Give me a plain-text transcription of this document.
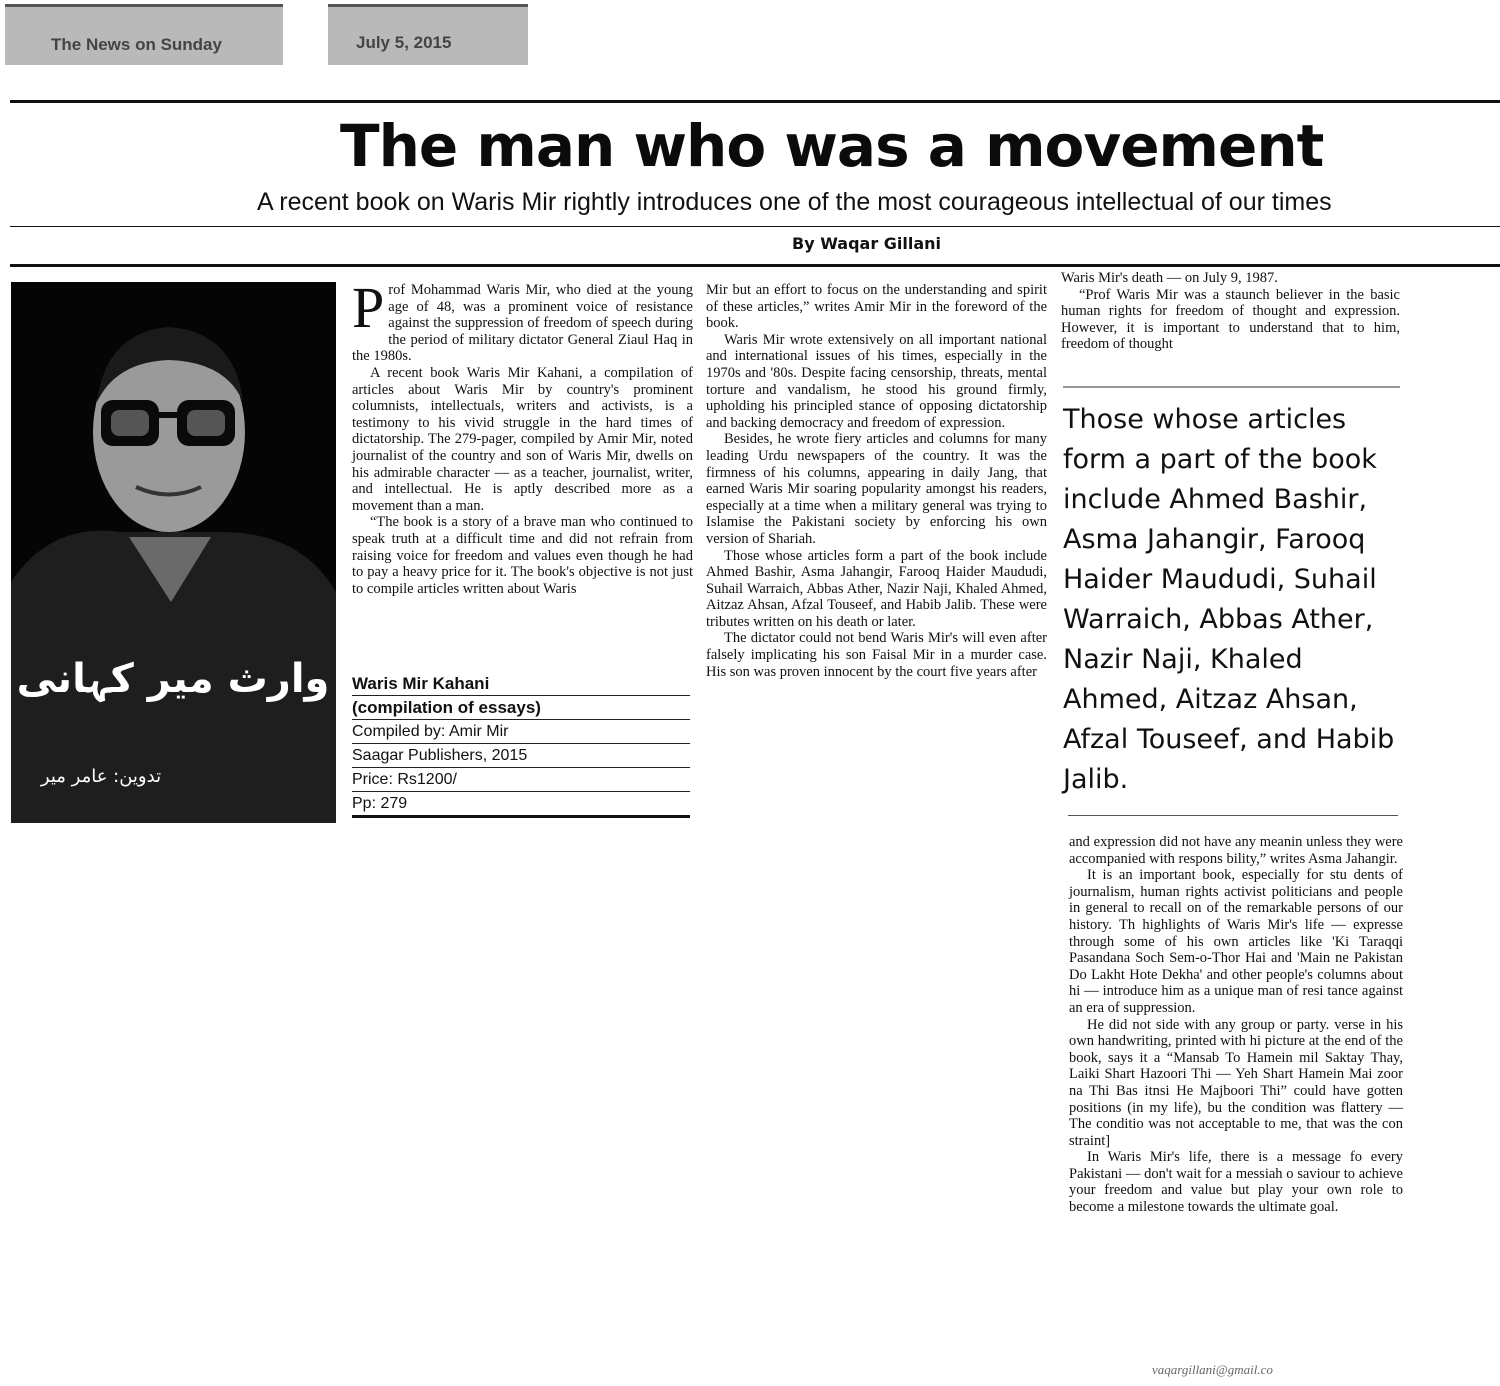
The News on Sunday	July 5, 2015
The man who was a movement
A recent book on Waris Mir rightly introduces one of the most courageous intellectual of our times
By Waqar Gillani
وارث میر کہانی
تدوین: عامر میر
P rof Mohammad Waris Mir, who died at the young age of 48, was a prominent voice of resistance against the suppression of freedom of speech during the period of military dictator General Ziaul Haq in the 1980s.

A recent book Waris Mir Kahani, a compilation of articles about Waris Mir by country's prominent columnists, intellectuals, writers and activists, is a testimony to his vivid struggle in the hard times of dictatorship. The 279-pager, compiled by Amir Mir, noted journalist of the country and son of Waris Mir, dwells on his admirable character — as a teacher, journalist, writer, and intellectual. He is aptly described more as a movement than a man.

“The book is a story of a brave man who continued to speak truth at a difficult time and did not refrain from raising voice for freedom and values even though he had to pay a heavy price for it. The book's objective is not just to compile articles written about Waris

Waris Mir Kahani
(compilation of essays)
Compiled by: Amir Mir
Saagar Publishers, 2015
Price: Rs1200/
Pp: 279

Mir but an effort to focus on the understanding and spirit of these articles,” writes Amir Mir in the foreword of the book.

Waris Mir wrote extensively on all important national and international issues of his times, especially in the 1970s and '80s. Despite facing censorship, threats, mental torture and vandalism, he stood his ground firmly, upholding his principled stance of opposing dictatorship and backing democracy and freedom of expression.

Besides, he wrote fiery articles and columns for many leading Urdu newspapers of the country. It was the firmness of his columns, appearing in daily Jang, that earned Waris Mir soaring popularity amongst his readers, especially at a time when a military general was trying to Islamise the Pakistani society by enforcing his own version of Shariah.

Those whose articles form a part of the book include Ahmed Bashir, Asma Jahangir, Farooq Haider Maududi, Suhail Warraich, Abbas Ather, Nazir Naji, Khaled Ahmed, Aitzaz Ahsan, Afzal Touseef, and Habib Jalib. These were tributes written on his death or later.

The dictator could not bend Waris Mir's will even after falsely implicating his son Faisal Mir in a murder case. His son was proven innocent by the court five years after

Waris Mir's death — on July 9, 1987.

“Prof Waris Mir was a staunch believer in the basic human rights for freedom of thought and expression. However, it is important to understand that to him, freedom of thought

Those whose articles form a part of the book include Ahmed Bashir, Asma Jahangir, Farooq Haider Maududi, Suhail Warraich, Abbas Ather, Nazir Naji, Khaled Ahmed, Aitzaz Ahsan, Afzal Touseef, and Habib Jalib.

and expression did not have any meanin unless they were accompanied with respons bility,” writes Asma Jahangir.

It is an important book, especially for stu dents of journalism, human rights activist politicians and people in general to recall on of the remarkable persons of our history. Th highlights of Waris Mir's life — expresse through some of his own articles like 'Ki Taraqqi Pasandana Soch Sem-o-Thor Hai and 'Main ne Pakistan Do Lakht Hote Dekha' and other people's columns about hi — introduce him as a unique man of resi tance against an era of suppression.

He did not side with any group or party. verse in his own handwriting, printed with hi picture at the end of the book, says it a “Mansab To Hamein mil Saktay Thay, Laiki Shart Hazoori Thi — Yeh Shart Hamein Mai zoor na Thi Bas itnsi He Majboori Thi” could have gotten positions (in my life), bu the condition was flattery — The conditio was not acceptable to me, that was the con straint]

In Waris Mir's life, there is a message fo every Pakistani — don't wait for a messiah o saviour to achieve your freedom and value but play your own role to become a milestone towards the ultimate goal.

vaqargillani@gmail.co
